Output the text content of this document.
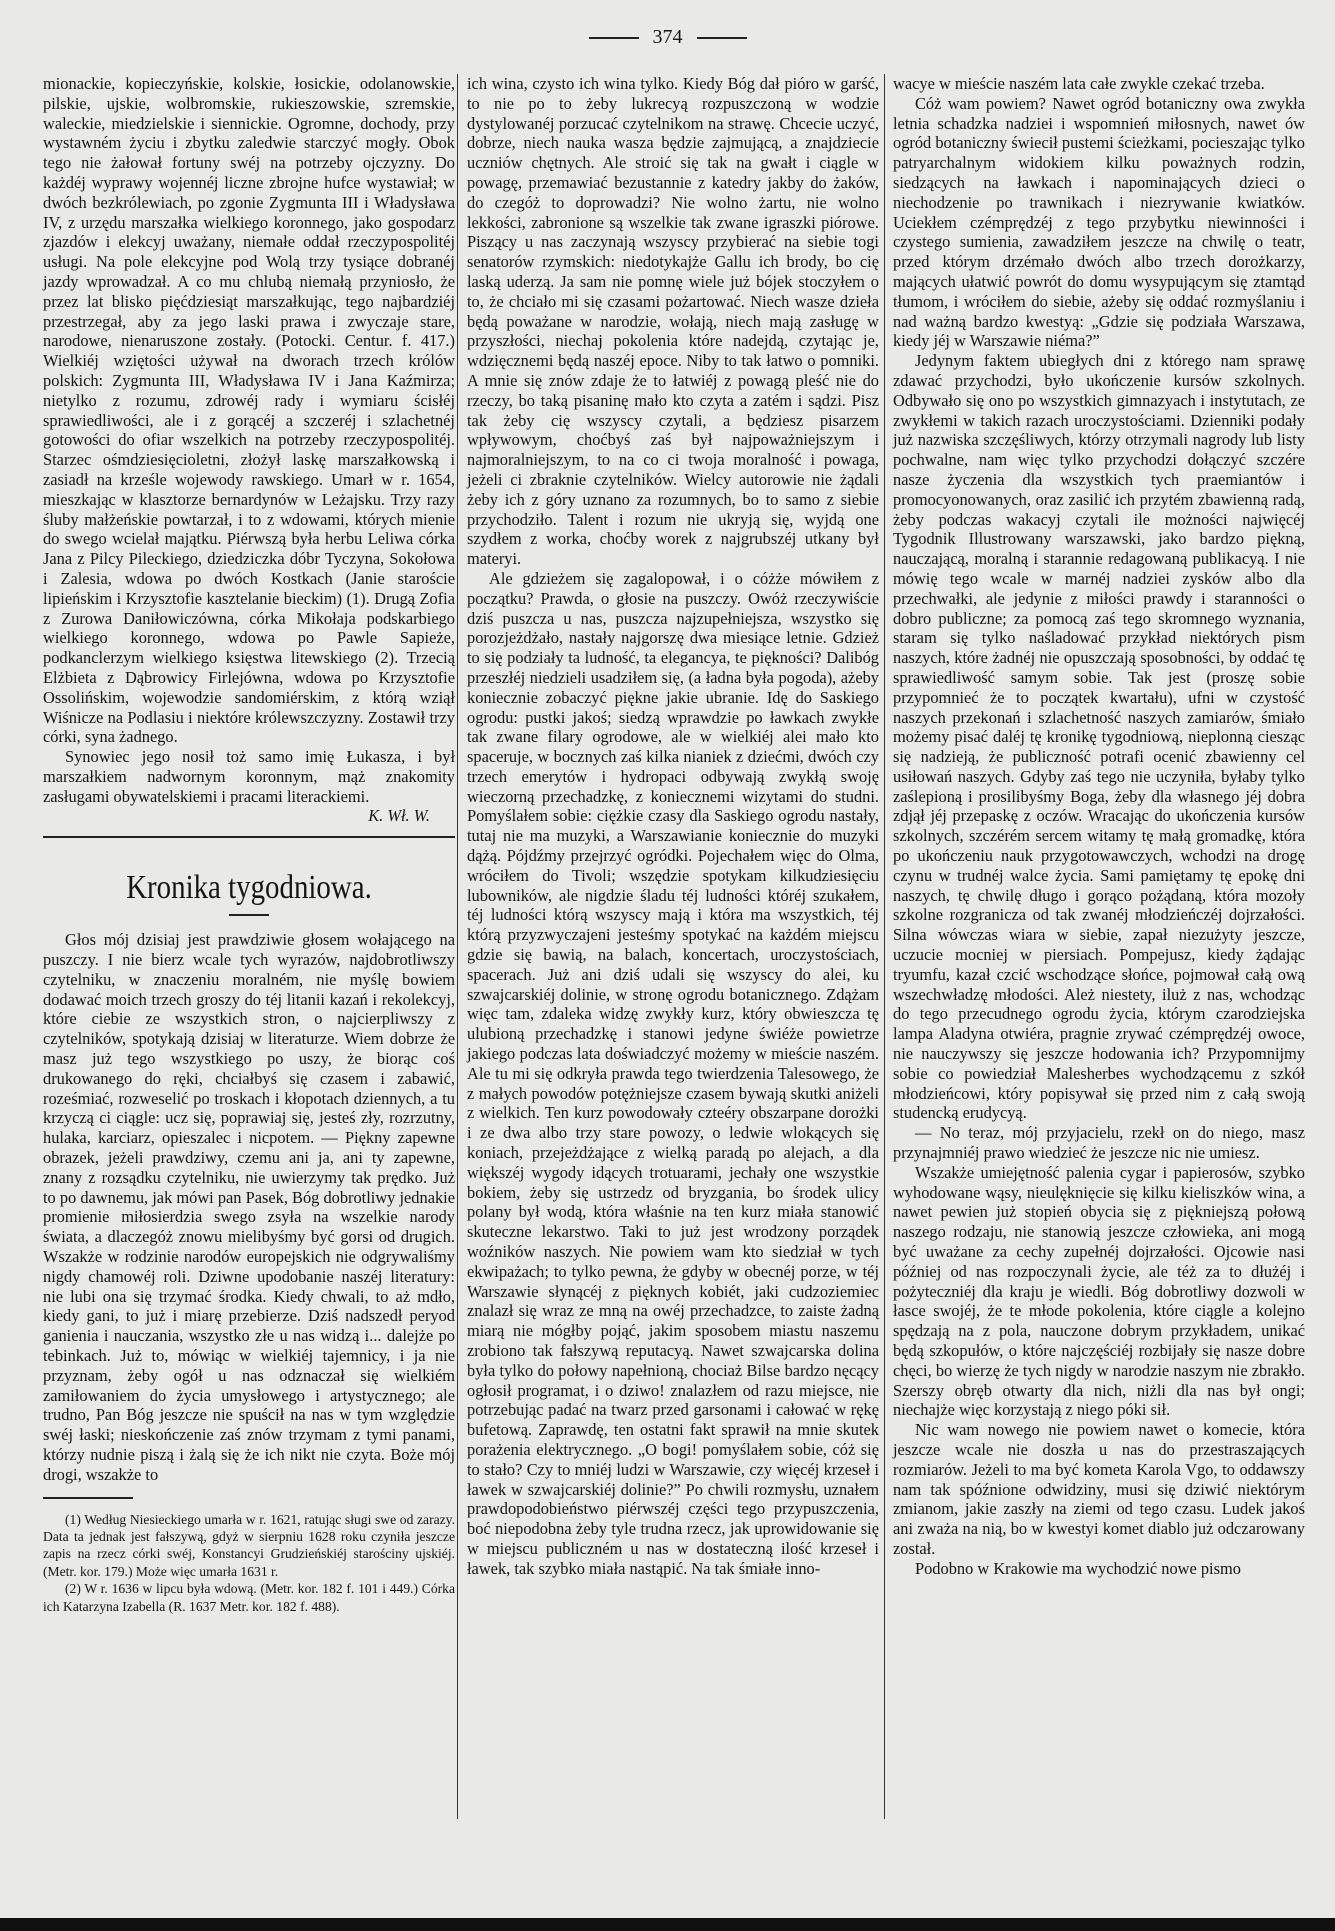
374

mionackie, kopieczyńskie, kolskie, łosickie, odolanowskie, pilskie, ujskie, wolbromskie, rukieszowskie, szremskie, waleckie, miedzielskie i siennickie. Ogromne, dochody, przy wystawném życiu i zbytku zaledwie starczyć mogły. Obok tego nie żałował fortuny swéj na potrzeby ojczyzny. Do każdéj wyprawy wojennéj liczne zbrojne hufce wystawiał; w dwóch bezkrólewiach, po zgonie Zygmunta III i Władysława IV, z urzędu marszałka wielkiego koronnego, jako gospodarz zjazdów i elekcyj uważany, niemałe oddał rzeczypospolitéj usługi. Na pole elekcyjne pod Wolą trzy tysiące dobranéj jazdy wprowadzał. A co mu chlubą niemałą przyniosło, że przez lat blisko pięćdziesiąt marszałkując, tego najbardziéj przestrzegał, aby za jego laski prawa i zwyczaje stare, narodowe, nienaruszone zostały. (Potocki. Centur. f. 417.) Wielkiéj wziętości używał na dworach trzech królów polskich: Zygmunta III, Władysława IV i Jana Kaźmirza; nietylko z rozumu, zdrowéj rady i wymiaru ścisłéj sprawiedliwości, ale i z gorącéj a szczeréj i szlachetnéj gotowości do ofiar wszelkich na potrzeby rzeczypospolitéj. Starzec ośmdziesięcioletni, złożył laskę marszałkowską i zasiadł na krześle wojewody rawskiego. Umarł w r. 1654, mieszkając w klasztorze bernardynów w Leżajsku. Trzy razy śluby małżeńskie powtarzał, i to z wdowami, których mienie do swego wcielał majątku. Piérwszą była herbu Leliwa córka Jana z Pilcy Pileckiego, dziedziczka dóbr Tyczyna, Sokołowa i Zalesia, wdowa po dwóch Kostkach (Janie staroście lipieńskim i Krzysztofie kasztelanie bieckim) (1). Drugą Zofia z Zurowa Daniłowiczówna, córka Mikołaja podskarbiego wielkiego koronnego, wdowa po Pawle Sapieże, podkanclerzym wielkiego księstwa litewskiego (2). Trzecią Elżbieta z Dąbrowicy Firlejówna, wdowa po Krzysztofie Ossolińskim, wojewodzie sandomiérskim, z którą wziął Wiśnicze na Podlasiu i niektóre królewszczyzny. Zostawił trzy córki, syna żadnego.

Synowiec jego nosił toż samo imię Łukasza, i był marszałkiem nadwornym koronnym, mąż znakomity zasługami obywatelskiemi i pracami literackiemi.

K. Wł. W.
Kronika tygodniowa.

Głos mój dzisiaj jest prawdziwie głosem wołającego na puszczy. I nie bierz wcale tych wyrazów, najdobrotliwszy czytelniku, w znaczeniu moralném, nie myślę bowiem dodawać moich trzech groszy do téj litanii kazań i rekolekcyj, które ciebie ze wszystkich stron, o najcierpliwszy z czytelników, spotykają dzisiaj w literaturze. Wiem dobrze że masz już tego wszystkiego po uszy, że biorąc coś drukowanego do ręki, chciałbyś się czasem i zabawić, roześmiać, rozweselić po troskach i kłopotach dziennych, a tu krzyczą ci ciągle: ucz się, poprawiaj się, jesteś zły, rozrzutny, hulaka, karciarz, opieszalec i nicpotem. — Piękny zapewne obrazek, jeżeli prawdziwy, czemu ani ja, ani ty zapewne, znany z rozsądku czytelniku, nie uwierzymy tak prędko. Już to po dawnemu, jak mówi pan Pasek, Bóg dobrotliwy jednakie promienie miłosierdzia swego zsyła na wszelkie narody świata, a dlaczegóż znowu mielibyśmy być gorsi od drugich. Wszakże w rodzinie narodów europejskich nie odgrywaliśmy nigdy chamowéj roli. Dziwne upodobanie naszéj literatury: nie lubi ona się trzymać środka. Kiedy chwali, to aż mdło, kiedy gani, to już i miarę przebierze. Dziś nadszedł peryod ganienia i nauczania, wszystko złe u nas widzą i... dalejże po tebinkach. Już to, mówiąc w wielkiéj tajemnicy, i ja nie przyznam, żeby ogół u nas odznaczał się wielkiém zamiłowaniem do życia umysłowego i artystycznego; ale trudno, Pan Bóg jeszcze nie spuścił na nas w tym względzie swéj łaski; nieskończenie zaś znów trzymam z tymi panami, którzy nudnie piszą i żalą się że ich nikt nie czyta. Boże mój drogi, wszakże to

(1) Według Niesieckiego umarła w r. 1621, ratując sługi swe od zarazy. Data ta jednak jest fałszywą, gdyż w sierpniu 1628 roku czyniła jeszcze zapis na rzecz córki swéj, Konstancyi Grudzieńskiéj starościny ujskiéj. (Metr. kor. 179.) Może więc umarła 1631 r.

(2) W r. 1636 w lipcu była wdową. (Metr. kor. 182 f. 101 i 449.) Córka ich Katarzyna Izabella (R. 1637 Metr. kor. 182 f. 488).

ich wina, czysto ich wina tylko. Kiedy Bóg dał pióro w garść, to nie po to żeby lukrecyą rozpuszczoną w wodzie dystylowanéj porzucać czytelnikom na strawę. Chcecie uczyć, dobrze, niech nauka wasza będzie zajmującą, a znajdziecie uczniów chętnych. Ale stroić się tak na gwałt i ciągle w powagę, przemawiać bezustannie z katedry jakby do żaków, do czegóż to doprowadzi? Nie wolno żartu, nie wolno lekkości, zabronione są wszelkie tak zwane igraszki piórowe. Piszący u nas zaczynają wszyscy przybierać na siebie togi senatorów rzymskich: niedotykajże Gallu ich brody, bo cię laską uderzą. Ja sam nie pomnę wiele już bójek stoczyłem o to, że chciało mi się czasami pożartować. Niech wasze dzieła będą poważane w narodzie, wołają, niech mają zasługę w przyszłości, niechaj pokolenia które nadejdą, czytając je, wdzięcznemi będą naszéj epoce. Niby to tak łatwo o pomniki. A mnie się znów zdaje że to łatwiéj z powagą pleść nie do rzeczy, bo taką pisaninę mało kto czyta a zatém i sądzi. Pisz tak żeby cię wszyscy czytali, a będziesz pisarzem wpływowym, choćbyś zaś był najpoważniejszym i najmoralniejszym, to na co ci twoja moralność i powaga, jeżeli ci zbraknie czytelników. Wielcy autorowie nie żądali żeby ich z góry uznano za rozumnych, bo to samo z siebie przychodziło. Talent i rozum nie ukryją się, wyjdą one szydłem z worka, choćby worek z najgrubszéj utkany był materyi.

Ale gdzieżem się zagalopował, i o cóżże mówiłem z początku? Prawda, o głosie na puszczy. Owóż rzeczywiście dziś puszcza u nas, puszcza najzupełniejsza, wszystko się porozjeżdżało, nastały najgorszę dwa miesiące letnie. Gdzież to się podziały ta ludność, ta elegancya, te piękności? Dalibóg przeszłéj niedzieli usadziłem się, (a ładna była pogoda), ażeby koniecznie zobaczyć piękne jakie ubranie. Idę do Saskiego ogrodu: pustki jakoś; siedzą wprawdzie po ławkach zwykłe tak zwane filary ogrodowe, ale w wielkiéj alei mało kto spaceruje, w bocznych zaś kilka nianiek z dziećmi, dwóch czy trzech emerytów i hydropaci odbywają zwykłą swoję wieczorną przechadzkę, z koniecznemi wizytami do studni. Pomyślałem sobie: ciężkie czasy dla Saskiego ogrodu nastały, tutaj nie ma muzyki, a Warszawianie koniecznie do muzyki dążą. Pójdźmy przejrzyć ogródki. Pojechałem więc do Olma, wróciłem do Tivoli; wszędzie spotykam kilkudziesięciu lubowników, ale nigdzie śladu téj ludności któréj szukałem, téj ludności którą wszyscy mają i która ma wszystkich, téj którą przyzwyczajeni jesteśmy spotykać na każdém miejscu gdzie się bawią, na balach, koncertach, uroczystościach, spacerach. Już ani dziś udali się wszyscy do alei, ku szwajcarskiéj dolinie, w stronę ogrodu botanicznego. Zdążam więc tam, zdaleka widzę zwykły kurz, który obwieszcza tę ulubioną przechadzkę i stanowi jedyne świéże powietrze jakiego podczas lata doświadczyć możemy w mieście naszém. Ale tu mi się odkryła prawda tego twierdzenia Talesowego, że z małych powodów potężniejsze czasem bywają skutki aniżeli z wielkich. Ten kurz powodowały czteéry obszarpane dorożki i ze dwa albo trzy stare powozy, o ledwie wlokących się koniach, przejeżdżające z wielką paradą po alejach, a dla większéj wygody idących trotuarami, jechały one wszystkie bokiem, żeby się ustrzedz od bryzgania, bo środek ulicy polany był wodą, która właśnie na ten kurz miała stanowić skuteczne lekarstwo. Taki to już jest wrodzony porządek woźników naszych. Nie powiem wam kto siedział w tych ekwipażach; to tylko pewna, że gdyby w obecnéj porze, w téj Warszawie słynącéj z pięknych kobiét, jaki cudzoziemiec znalazł się wraz ze mną na owéj przechadzce, to zaiste żadną miarą nie mógłby pojąć, jakim sposobem miastu naszemu zrobiono tak fałszywą reputacyą. Nawet szwajcarska dolina była tylko do połowy napełnioną, chociaż Bilse bardzo nęcący ogłosił programat, i o dziwo! znalazłem od razu miejsce, nie potrzebując padać na twarz przed garsonami i całować w rękę bufetową. Zaprawdę, ten ostatni fakt sprawił na mnie skutek porażenia elektrycznego. „O bogi! pomyślałem sobie, cóż się to stało? Czy to mniéj ludzi w Warszawie, czy więcéj krzeseł i ławek w szwajcarskiéj dolinie?” Po chwili rozmysłu, uznałem prawdopodobieństwo piérwszéj części tego przypuszczenia, boć niepodobna żeby tyle trudna rzecz, jak uprowidowanie się w miejscu publiczném u nas w dostateczną ilość krzeseł i ławek, tak szybko miała nastąpić. Na tak śmiałe inno-

wacye w mieście naszém lata całe zwykle czekać trzeba.

Cóż wam powiem? Nawet ogród botaniczny owa zwykła letnia schadzka nadziei i wspomnień miłosnych, nawet ów ogród botaniczny świecił pustemi ścieżkami, pocieszając tylko patryarchalnym widokiem kilku poważnych rodzin, siedzących na ławkach i napominających dzieci o niechodzenie po trawnikach i niezrywanie kwiatków. Uciekłem czémprędzéj z tego przybytku niewinności i czystego sumienia, zawadziłem jeszcze na chwilę o teatr, przed którym drzémało dwóch albo trzech dorożkarzy, mających ułatwić powrót do domu wysypującym się ztamtąd tłumom, i wróciłem do siebie, ażeby się oddać rozmyślaniu i nad ważną bardzo kwestyą: „Gdzie się podziała Warszawa, kiedy jéj w Warszawie niéma?”

Jedynym faktem ubiegłych dni z którego nam sprawę zdawać przychodzi, było ukończenie kursów szkolnych. Odbywało się ono po wszystkich gimnazyach i instytutach, ze zwykłemi w takich razach uroczystościami. Dzienniki podały już nazwiska szczęśliwych, którzy otrzymali nagrody lub listy pochwalne, nam więc tylko przychodzi dołączyć szczére nasze życzenia dla wszystkich tych praemiantów i promocyonowanych, oraz zasilić ich przytém zbawienną radą, żeby podczas wakacyj czytali ile możności najwięcéj Tygodnik Illustrowany warszawski, jako bardzo piękną, nauczającą, moralną i starannie redagowaną publikacyą. I nie mówię tego wcale w marnéj nadziei zysków albo dla przechwałki, ale jedynie z miłości prawdy i staranności o dobro publiczne; za pomocą zaś tego skromnego wyznania, staram się tylko naśladować przykład niektórych pism naszych, które żadnéj nie opuszczają sposobności, by oddać tę sprawiedliwość samym sobie. Tak jest (proszę sobie przypomnieć że to początek kwartału), ufni w czystość naszych przekonań i szlachetność naszych zamiarów, śmiało możemy pisać daléj tę kronikę tygodniową, nieplonną ciesząc się nadzieją, że publiczność potrafi ocenić zbawienny cel usiłowań naszych. Gdyby zaś tego nie uczyniła, byłaby tylko zaślepioną i prosilibyśmy Boga, żeby dla własnego jéj dobra zdjął jéj przepaskę z oczów. Wracając do ukończenia kursów szkolnych, szczérém sercem witamy tę małą gromadkę, która po ukończeniu nauk przygotowawczych, wchodzi na drogę czynu w trudnéj walce życia. Sami pamiętamy tę epokę dni naszych, tę chwilę długo i gorąco pożądaną, która mozoły szkolne rozgranicza od tak zwanéj młodzieńczéj dojrzałości. Silna wówczas wiara w siebie, zapał niezużyty jeszcze, uczucie mocniej w piersiach. Pompejusz, kiedy żądając tryumfu, kazał czcić wschodzące słońce, pojmował całą ową wszechwładzę młodości. Ależ niestety, iluż z nas, wchodząc do tego przecudnego ogrodu życia, którym czarodziejska lampa Aladyna otwiéra, pragnie zrywać czémprędzéj owoce, nie nauczywszy się jeszcze hodowania ich? Przypomnijmy sobie co powiedział Malesherbes wychodzącemu z szkół młodzieńcowi, który popisywał się przed nim z całą swoją studencką erudycyą.

— No teraz, mój przyjacielu, rzekł on do niego, masz przynajmniéj prawo wiedzieć że jeszcze nic nie umiesz.

Wszakże umiejętność palenia cygar i papierosów, szybko wyhodowane wąsy, nieulęknięcie się kilku kieliszków wina, a nawet pewien już stopień obycia się z piękniejszą połową naszego rodzaju, nie stanowią jeszcze człowieka, ani mogą być uważane za cechy zupełnéj dojrzałości. Ojcowie nasi później od nas rozpoczynali życie, ale téż za to dłużéj i pożyteczniéj dla kraju je wiedli. Bóg dobrotliwy dozwoli w łasce swojéj, że te młode pokolenia, które ciągle a kolejno spędzają na z pola, nauczone dobrym przykładem, unikać będą szkopułów, o które najczęściéj rozbijały się nasze dobre chęci, bo wierzę że tych nigdy w narodzie naszym nie zbrakło. Szerszy obręb otwarty dla nich, niżli dla nas był ongi; niechajże więc korzystają z niego póki sił.

Nic wam nowego nie powiem nawet o komecie, która jeszcze wcale nie doszła u nas do przestraszających rozmiarów. Jeżeli to ma być kometa Karola Vgo, to oddawszy nam tak spóźnione odwidziny, musi się dziwić niektórym zmianom, jakie zaszły na ziemi od tego czasu. Ludek jakoś ani zważa na nią, bo w kwestyi komet diablo już odczarowany został.

Podobno w Krakowie ma wychodzić nowe pismo
